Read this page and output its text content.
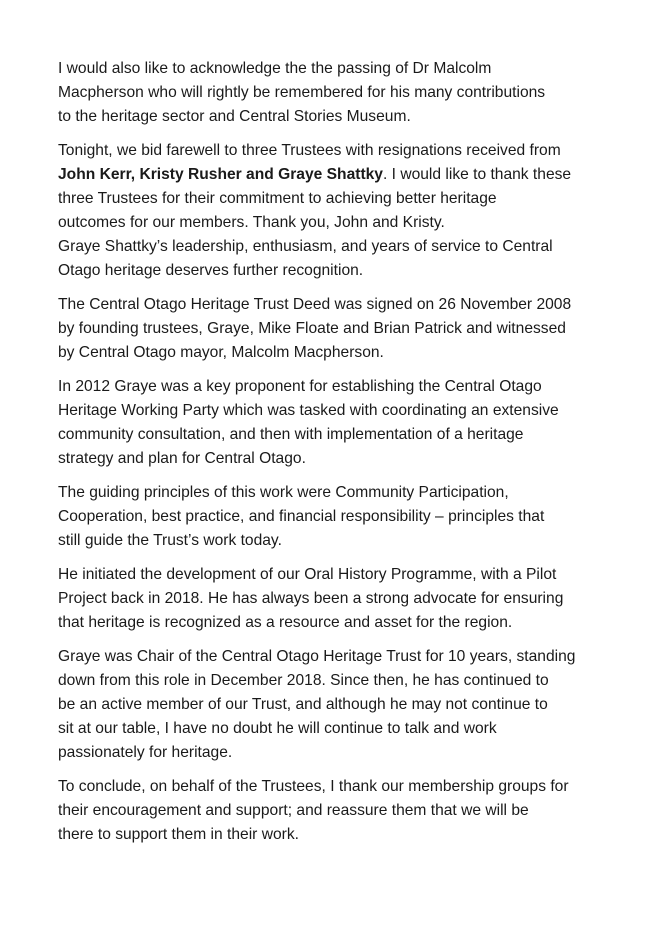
I would also like to acknowledge the the passing of Dr Malcolm
Macpherson who will rightly be remembered for his many contributions
to the heritage sector and Central Stories Museum.

Tonight, we bid farewell to three Trustees with resignations received from
John Kerr, Kristy Rusher and Graye Shattky. I would like to thank these
three Trustees for their commitment to achieving better heritage
outcomes for our members. Thank you, John and Kristy.
Graye Shattky’s leadership, enthusiasm, and years of service to Central
Otago heritage deserves further recognition.

The Central Otago Heritage Trust Deed was signed on 26 November 2008
by founding trustees, Graye, Mike Floate and Brian Patrick and witnessed
by Central Otago mayor, Malcolm Macpherson.

In 2012 Graye was a key proponent for establishing the Central Otago
Heritage Working Party which was tasked with coordinating an extensive
community consultation, and then with implementation of a heritage
strategy and plan for Central Otago.

The guiding principles of this work were Community Participation,
Cooperation, best practice, and financial responsibility – principles that
still guide the Trust’s work today.

He initiated the development of our Oral History Programme, with a Pilot
Project back in 2018. He has always been a strong advocate for ensuring
that heritage is recognized as a resource and asset for the region.

Graye was Chair of the Central Otago Heritage Trust for 10 years, standing
down from this role in December 2018. Since then, he has continued to
be an active member of our Trust, and although he may not continue to
sit at our table, I have no doubt he will continue to talk and work
passionately for heritage.

To conclude, on behalf of the Trustees, I thank our membership groups for
their encouragement and support; and reassure them that we will be
there to support them in their work.
